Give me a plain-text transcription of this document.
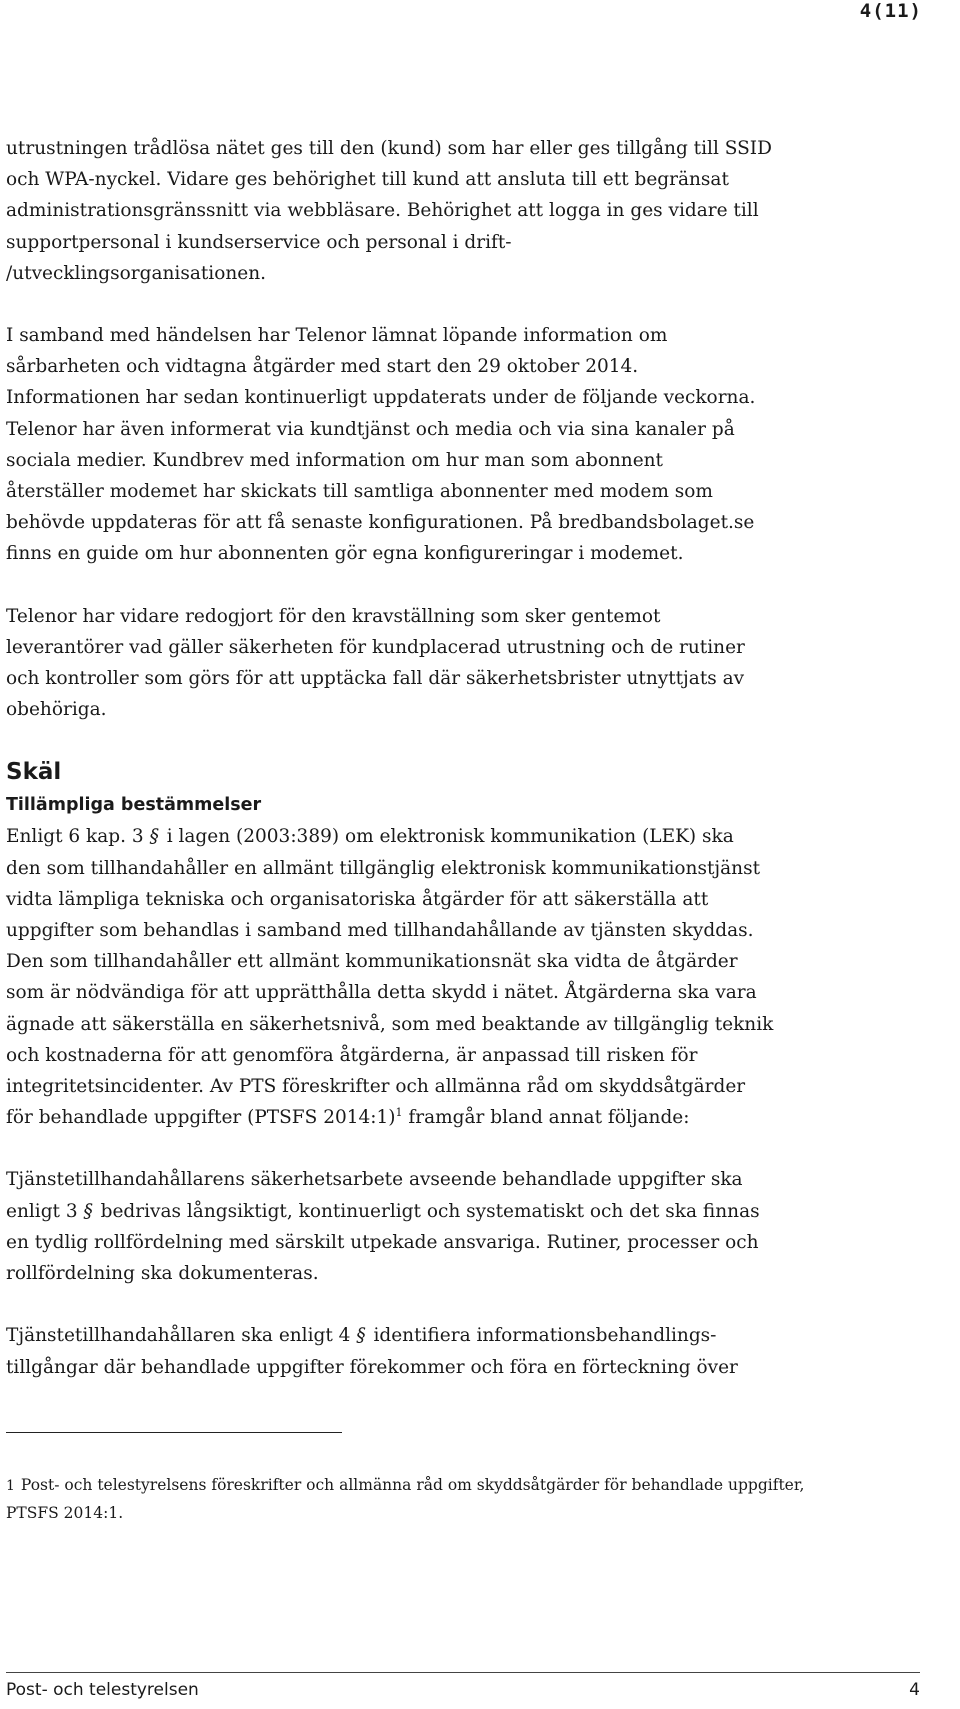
4(11)

utrustningen trådlösa nätet ges till den (kund) som har eller ges tillgång till SSID
och WPA-nyckel. Vidare ges behörighet till kund att ansluta till ett begränsat
administrationsgränssnitt via webbläsare. Behörighet att logga in ges vidare till
supportpersonal i kundserservice och personal i drift-
/utvecklingsorganisationen.

I samband med händelsen har Telenor lämnat löpande information om
sårbarheten och vidtagna åtgärder med start den 29 oktober 2014.
Informationen har sedan kontinuerligt uppdaterats under de följande veckorna.
Telenor har även informerat via kundtjänst och media och via sina kanaler på
sociala medier. Kundbrev med information om hur man som abonnent
återställer modemet har skickats till samtliga abonnenter med modem som
behövde uppdateras för att få senaste konfigurationen. På bredbandsbolaget.se
finns en guide om hur abonnenten gör egna konfigureringar i modemet.

Telenor har vidare redogjort för den kravställning som sker gentemot
leverantörer vad gäller säkerheten för kundplacerad utrustning och de rutiner
och kontroller som görs för att upptäcka fall där säkerhetsbrister utnyttjats av
obehöriga.

Skäl
Tillämpliga bestämmelser

Enligt 6 kap. 3 § i lagen (2003:389) om elektronisk kommunikation (LEK) ska
den som tillhandahåller en allmänt tillgänglig elektronisk kommunikationstjänst
vidta lämpliga tekniska och organisatoriska åtgärder för att säkerställa att
uppgifter som behandlas i samband med tillhandahållande av tjänsten skyddas.
Den som tillhandahåller ett allmänt kommunikationsnät ska vidta de åtgärder
som är nödvändiga för att upprätthålla detta skydd i nätet. Åtgärderna ska vara
ägnade att säkerställa en säkerhetsnivå, som med beaktande av tillgänglig teknik
och kostnaderna för att genomföra åtgärderna, är anpassad till risken för
integritetsincidenter. Av PTS föreskrifter och allmänna råd om skyddsåtgärder
för behandlade uppgifter (PTSFS 2014:1)$^1$ framgår bland annat följande:

Tjänstetillhandahållarens säkerhetsarbete avseende behandlade uppgifter ska
enligt 3 § bedrivas långsiktigt, kontinuerligt och systematiskt och det ska finnas
en tydlig rollfördelning med särskilt utpekade ansvariga. Rutiner, processer och
rollfördelning ska dokumenteras.

Tjänstetillhandahållaren ska enligt 4 § identifiera informationsbehandlings-
tillgångar där behandlade uppgifter förekommer och föra en förteckning över

1 Post- och telestyrelsens föreskrifter och allmänna råd om skyddsåtgärder för behandlade uppgifter,
PTSFS 2014:1.
Post- och telestyrelsen	4
